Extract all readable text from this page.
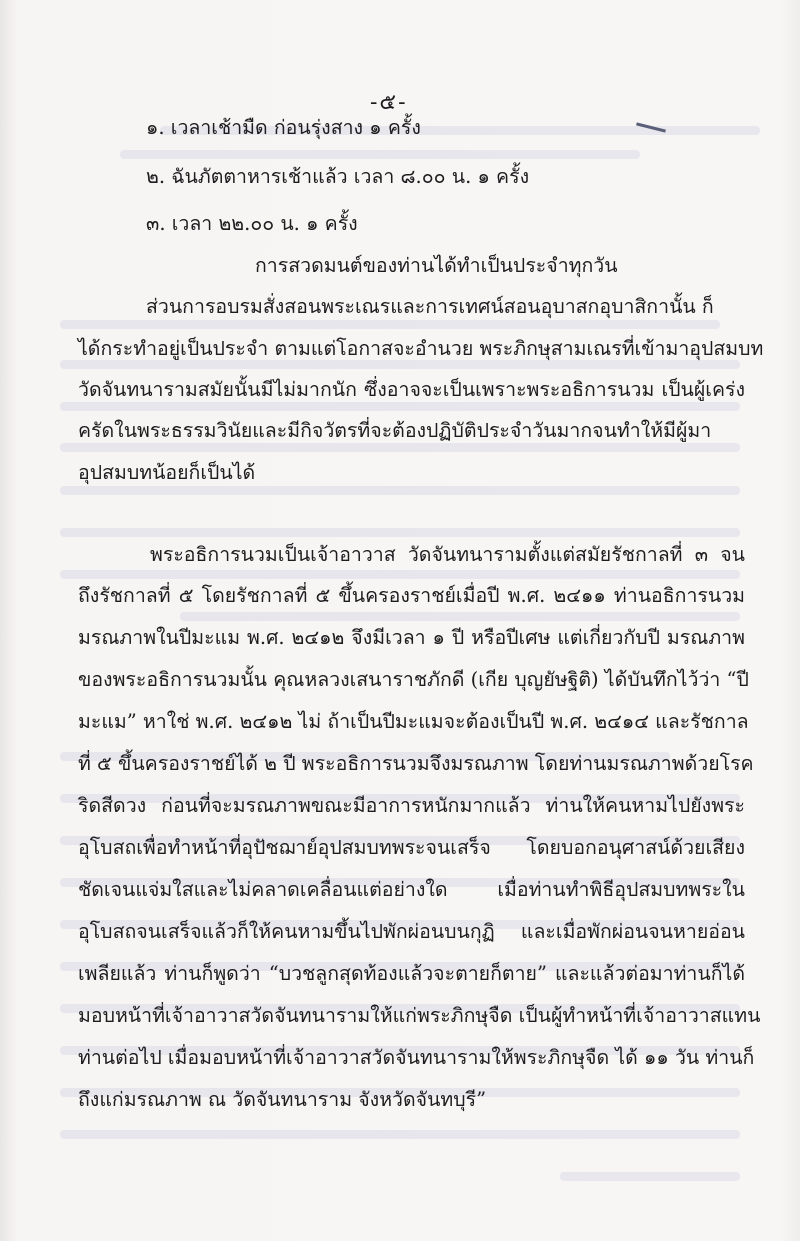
-๕-
๑. เวลาเช้ามืด ก่อนรุ่งสาง ๑ ครั้ง
๒. ฉันภัตตาหารเช้าแล้ว เวลา ๘.๐๐ น. ๑ ครั้ง
๓. เวลา ๒๒.๐๐ น. ๑ ครั้ง
การสวดมนต์ของท่านได้ทำเป็นประจำทุกวัน
ส่วนการอบรมสั่งสอนพระเณรและการเทศน์สอนอุบาสกอุบาสิกานั้น ก็
ได้กระทำอยู่เป็นประจำ ตามแต่โอกาสจะอำนวย พระภิกษุสามเณรที่เข้ามาอุปสมบท
วัดจันทนารามสมัยนั้นมีไม่มากนัก ซึ่งอาจจะเป็นเพราะพระอธิการนวม เป็นผู้เคร่ง
ครัดในพระธรรมวินัยและมีกิจวัตรที่จะต้องปฏิบัติประจำวันมากจนทำให้มีผู้มา
อุปสมบทน้อยก็เป็นได้
พระอธิการนวมเป็นเจ้าอาวาส วัดจันทนารามตั้งแต่สมัยรัชกาลที่ ๓ จน
ถึงรัชกาลที่ ๕ โดยรัชกาลที่ ๕ ขึ้นครองราชย์เมื่อปี พ.ศ. ๒๔๑๑ ท่านอธิการนวม
มรณภาพในปีมะแม พ.ศ. ๒๔๑๒ จึงมีเวลา ๑ ปี หรือปีเศษ แต่เกี่ยวกับปี มรณภาพ
ของพระอธิการนวมนั้น คุณหลวงเสนาราชภักดี (เกีย บุญยัษฐิติ) ได้บันทึกไว้ว่า “ปี
มะแม” หาใช่ พ.ศ. ๒๔๑๒ ไม่ ถ้าเป็นปีมะแมจะต้องเป็นปี พ.ศ. ๒๔๑๔ และรัชกาล
ที่ ๕ ขึ้นครองราชย์ได้ ๒ ปี พระอธิการนวมจึงมรณภาพ โดยท่านมรณภาพด้วยโรค
ริดสีดวง ก่อนที่จะมรณภาพขณะมีอาการหนักมากแล้ว ท่านให้คนหามไปยังพระ
อุโบสถเพื่อทำหน้าที่อุปัชฌาย์อุปสมบทพระจนเสร็จ โดยบอกอนุศาสน์ด้วยเสียง
ชัดเจนแจ่มใสและไม่คลาดเคลื่อนแต่อย่างใด เมื่อท่านทำพิธีอุปสมบทพระใน
อุโบสถจนเสร็จแล้วก็ให้คนหามขึ้นไปพักผ่อนบนกุฏิ และเมื่อพักผ่อนจนหายอ่อน
เพลียแล้ว ท่านก็พูดว่า “บวชลูกสุดท้องแล้วจะตายก็ตาย” และแล้วต่อมาท่านก็ได้
มอบหน้าที่เจ้าอาวาสวัดจันทนารามให้แก่พระภิกษุจืด เป็นผู้ทำหน้าที่เจ้าอาวาสแทน
ท่านต่อไป เมื่อมอบหน้าที่เจ้าอาวาสวัดจันทนารามให้พระภิกษุจืด ได้ ๑๑ วัน ท่านก็
ถึงแก่มรณภาพ ณ วัดจันทนาราม จังหวัดจันทบุรี”
